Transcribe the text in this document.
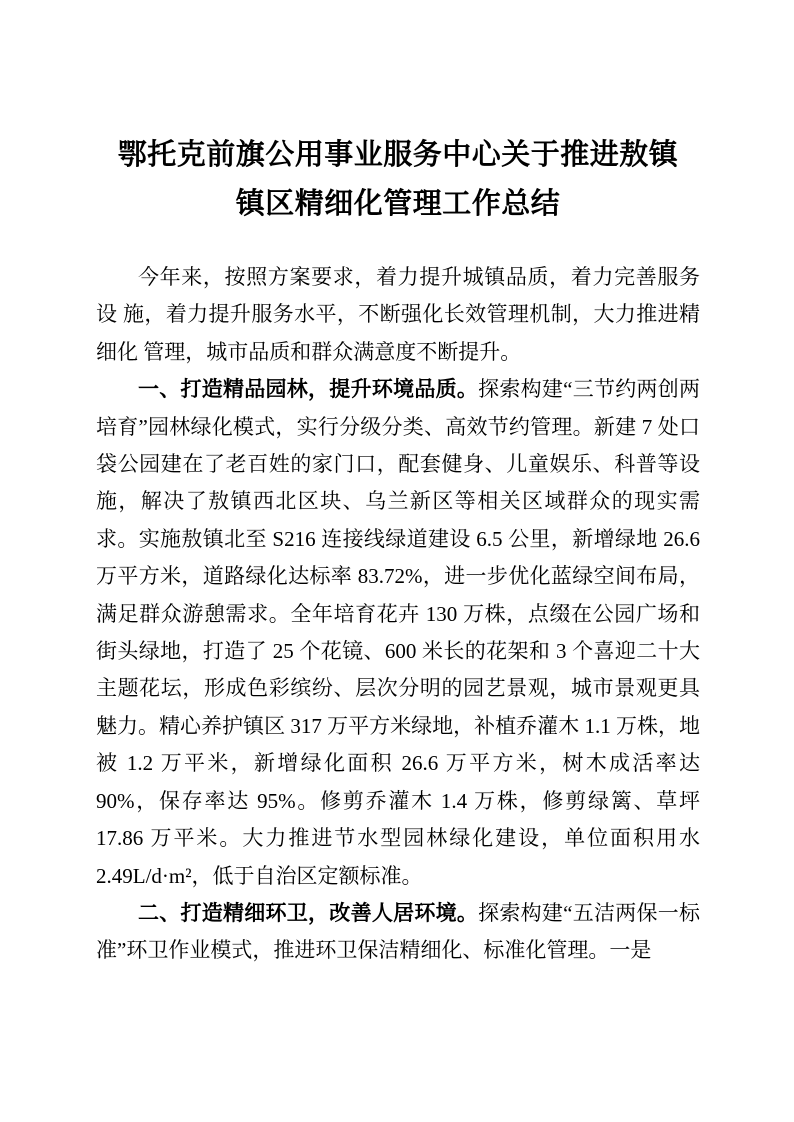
鄂托克前旗公用事业服务中心关于推进敖镇
镇区精细化管理工作总结

今年来，按照方案要求，着力提升城镇品质，着力完善服务设 施，着力提升服务水平，不断强化长效管理机制，大力推进精细化 管理，城市品质和群众满意度不断提升。

一、打造精品园林，提升环境品质。探索构建“三节约两创两培育”园林绿化模式，实行分级分类、高效节约管理。新建 7 处口袋公园建在了老百姓的家门口，配套健身、儿童娱乐、科普等设施，解决了敖镇西北区块、乌兰新区等相关区域群众的现实需求。实施敖镇北至 S216 连接线绿道建设 6.5 公里，新增绿地 26.6 万平方米，道路绿化达标率 83.72%，进一步优化蓝绿空间布局，满足群众游憩需求。全年培育花卉 130 万株，点缀在公园广场和街头绿地，打造了 25 个花镜、600 米长的花架和 3 个喜迎二十大主题花坛，形成色彩缤纷、层次分明的园艺景观，城市景观更具魅力。精心养护镇区 317 万平方米绿地，补植乔灌木 1.1 万株，地被 1.2 万平米，新增绿化面积 26.6 万平方米，树木成活率达 90%，保存率达 95%。修剪乔灌木 1.4 万株，修剪绿篱、草坪 17.86 万平米。大力推进节水型园林绿化建设，单位面积用水 2.49L/d·m²，低于自治区定额标准。

二、打造精细环卫，改善人居环境。探索构建“五洁两保一标准”环卫作业模式，推进环卫保洁精细化、标准化管理。一是
